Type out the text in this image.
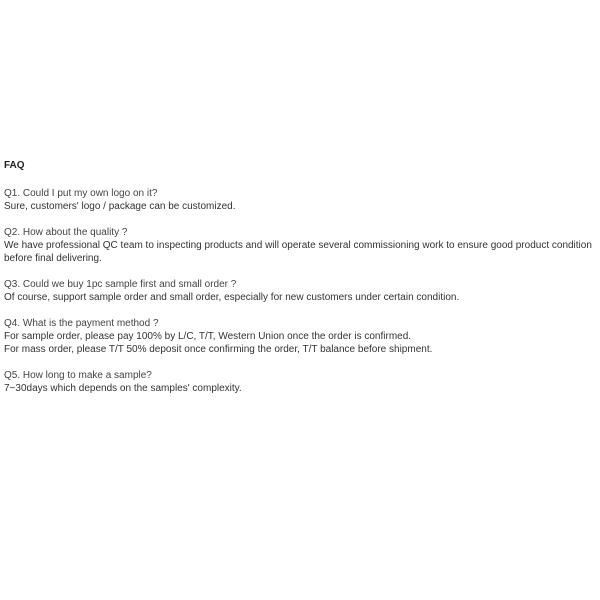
FAQ

Q1. Could I put my own logo on it?

Sure, customers' logo / package can be customized.

Q2. How about the quality ?

We have professional QC team to inspecting products and will operate several commissioning work to ensure good product condition before final delivering.

Q3. Could we buy 1pc sample first and small order ?

Of course, support sample order and small order, especially for new customers under certain condition.

Q4. What is the payment method ?

For sample order, please pay 100% by L/C, T/T, Western Union once the order is confirmed.

For mass order, please T/T 50% deposit once confirming the order, T/T balance before shipment.

Q5. How long to make a sample?

7~30days which depends on the samples' complexity.
